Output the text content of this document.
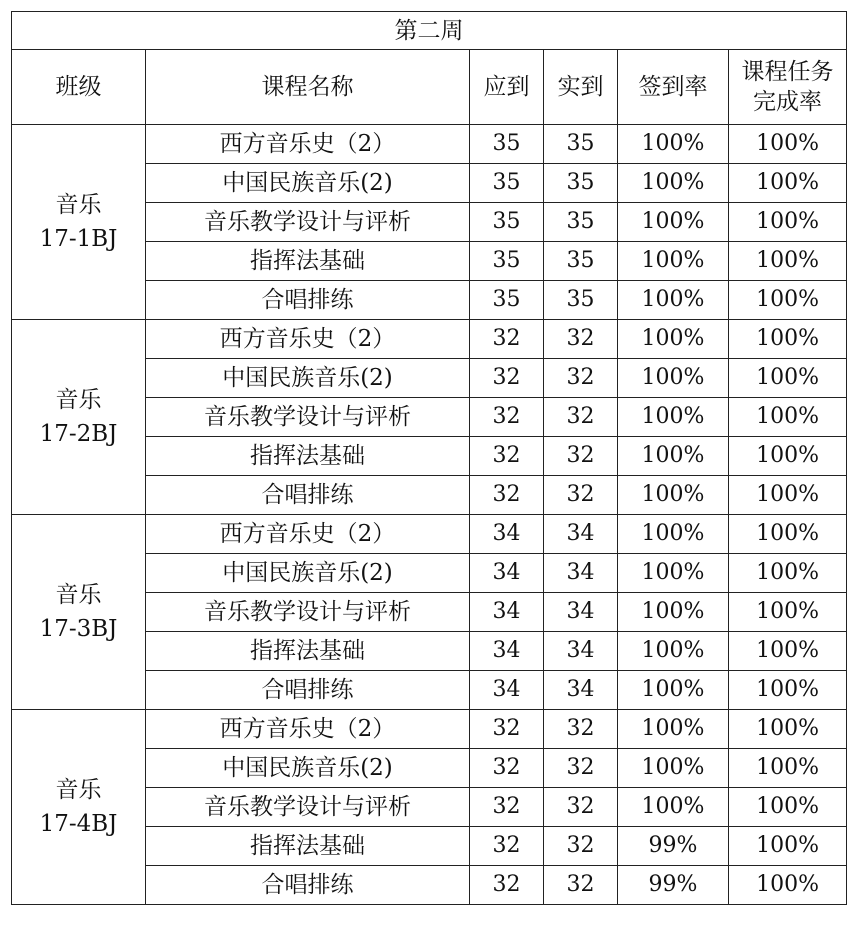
第二周					
班级	课程名称	应到	实到	签到率	课程任务
完成率
音乐
17-1BJ	西方音乐史（2）	35	35	100%	100%
	中国民族音乐(2)	35	35	100%	100%
	音乐教学设计与评析	35	35	100%	100%
	指挥法基础	35	35	100%	100%
	合唱排练	35	35	100%	100%
音乐
17-2BJ	西方音乐史（2）	32	32	100%	100%
	中国民族音乐(2)	32	32	100%	100%
	音乐教学设计与评析	32	32	100%	100%
	指挥法基础	32	32	100%	100%
	合唱排练	32	32	100%	100%
音乐
17-3BJ	西方音乐史（2）	34	34	100%	100%
	中国民族音乐(2)	34	34	100%	100%
	音乐教学设计与评析	34	34	100%	100%
	指挥法基础	34	34	100%	100%
	合唱排练	34	34	100%	100%
音乐
17-4BJ	西方音乐史（2）	32	32	100%	100%
	中国民族音乐(2)	32	32	100%	100%
	音乐教学设计与评析	32	32	100%	100%
	指挥法基础	32	32	99%	100%
	合唱排练	32	32	99%	100%
